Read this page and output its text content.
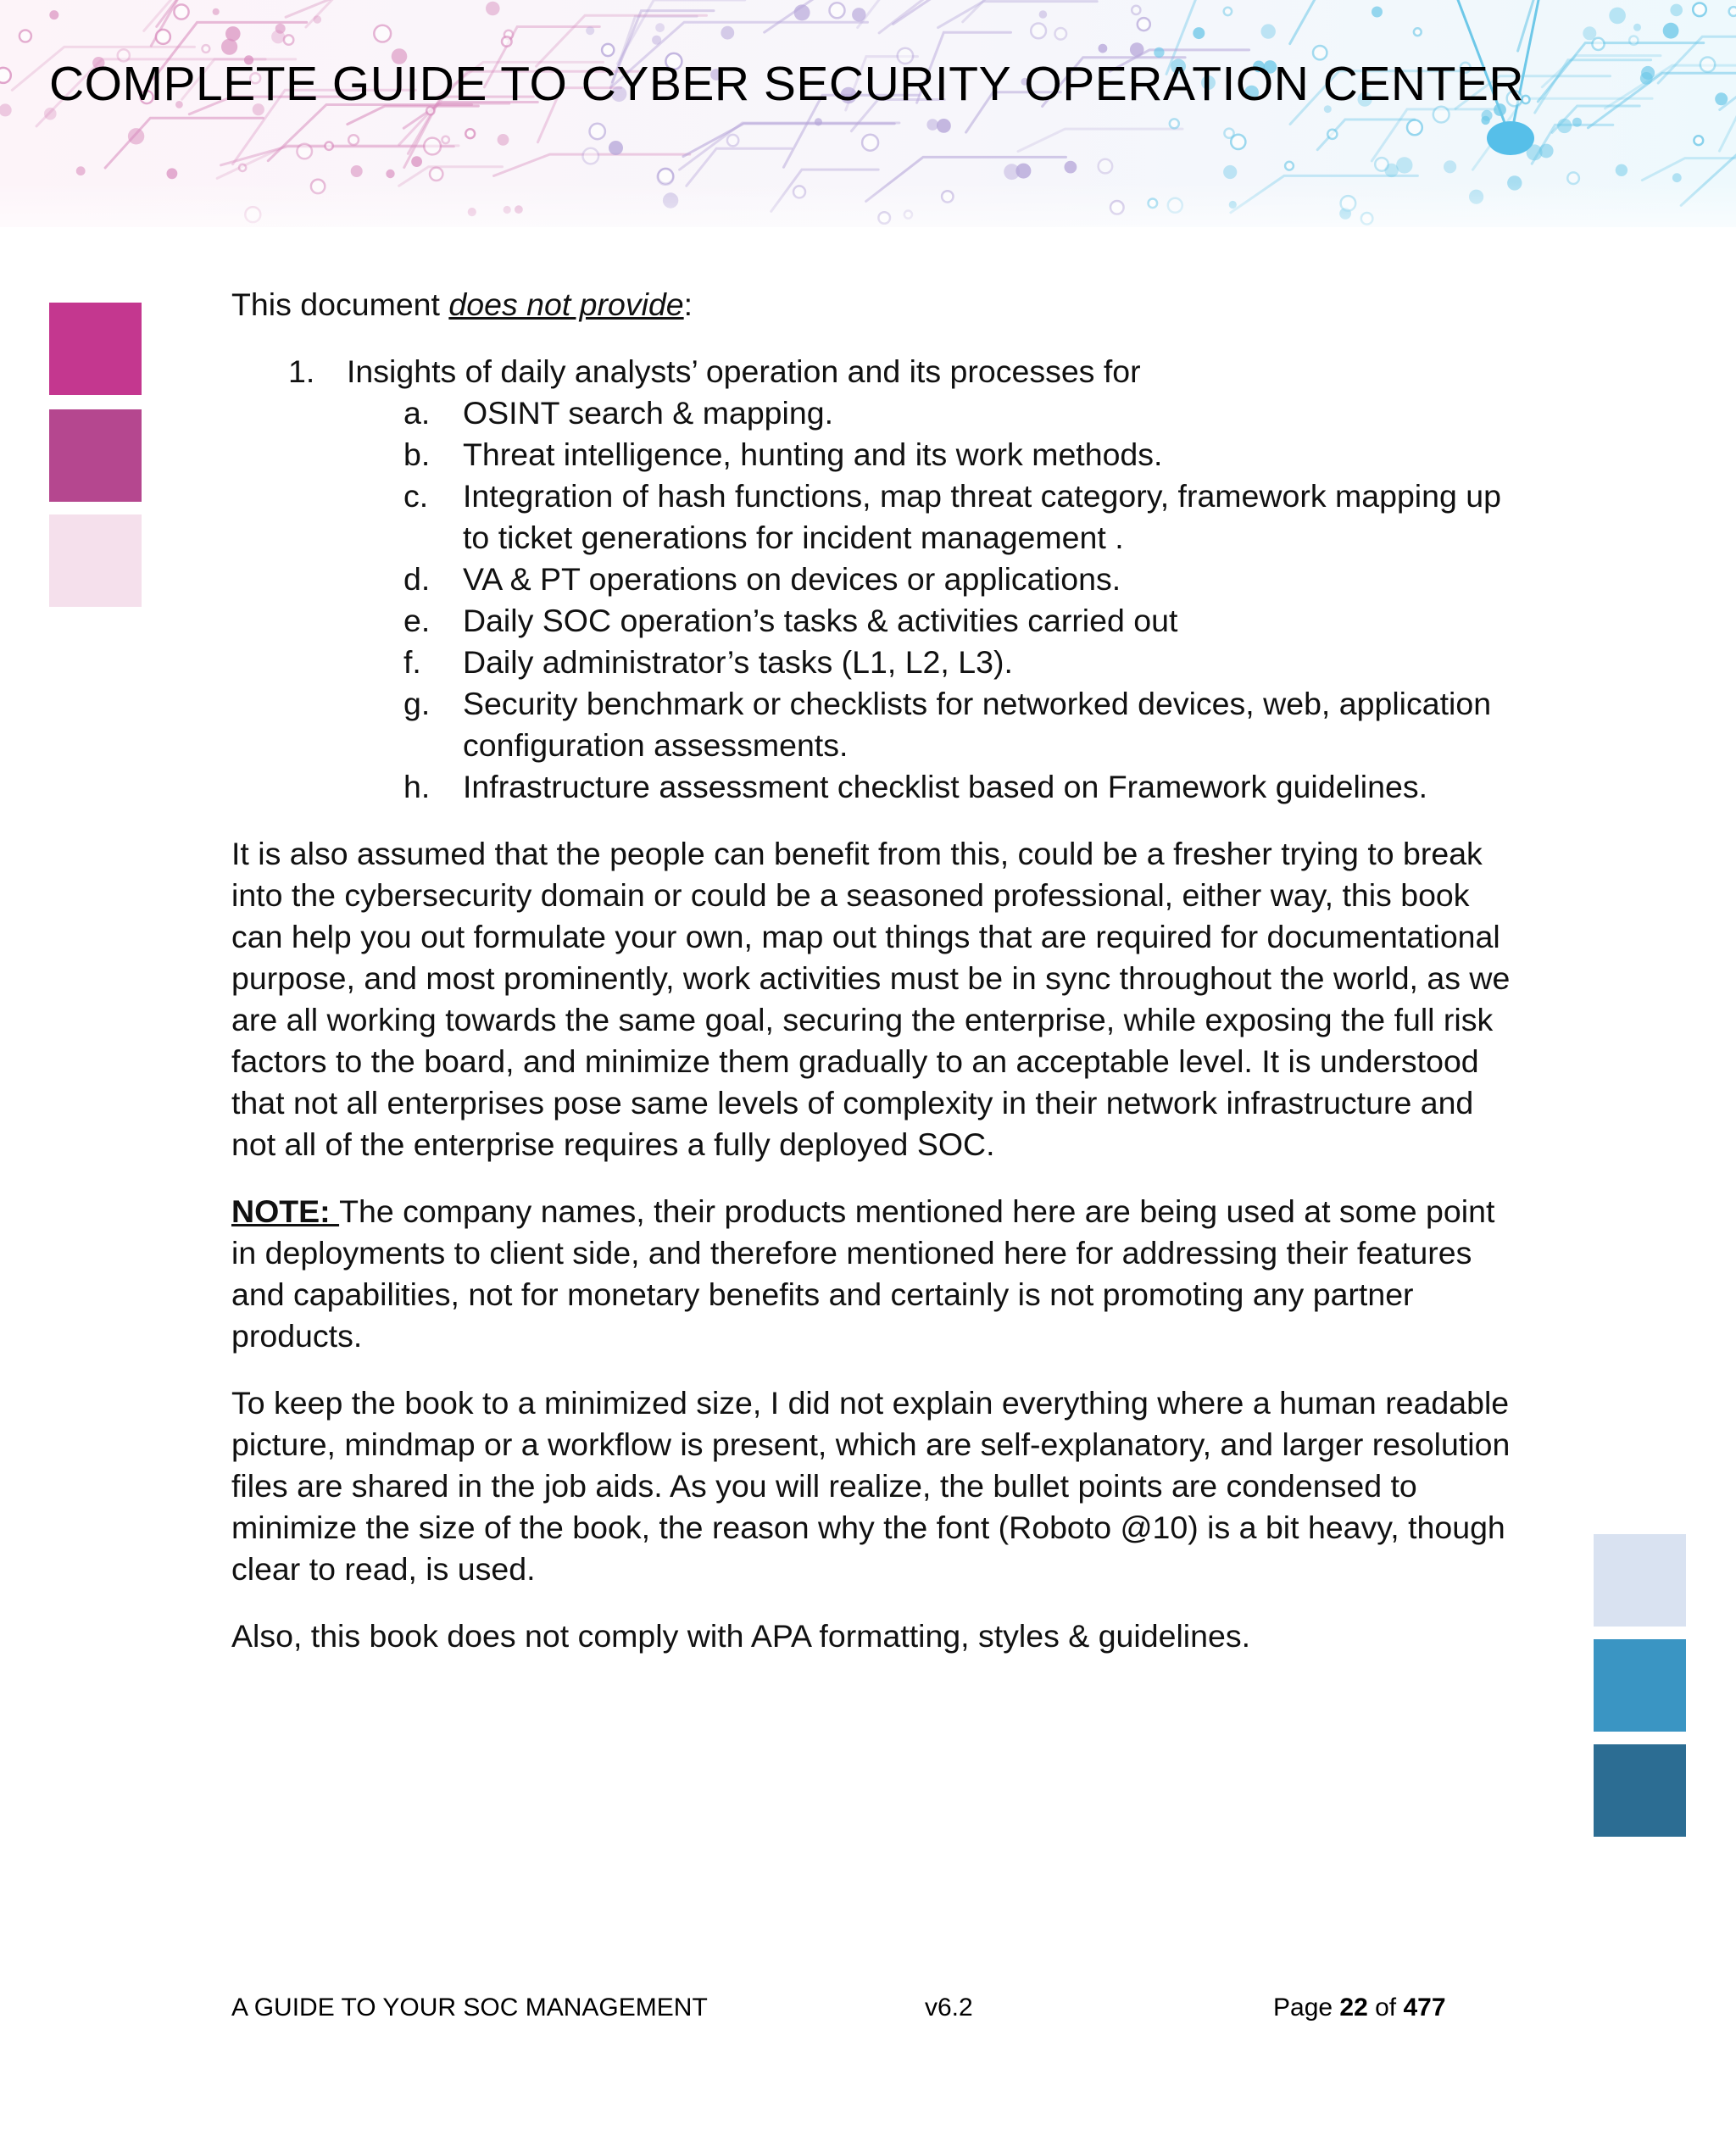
COMPLETE GUIDE TO CYBER SECURITY OPERATION CENTER

This document does not provide:

1. Insights of daily analysts’ operation and its processes for
a. OSINT search & mapping.
b. Threat intelligence, hunting and its work methods.
c. Integration of hash functions, map threat category, framework mapping up to ticket generations for incident management .
d. VA & PT operations on devices or applications.
e. Daily SOC operation’s tasks & activities carried out
f. Daily administrator’s tasks (L1, L2, L3).
g. Security benchmark or checklists for networked devices, web, application configuration assessments.
h. Infrastructure assessment checklist based on Framework guidelines.

It is also assumed that the people can benefit from this, could be a fresher trying to break into the cybersecurity domain or could be a seasoned professional, either way, this book can help you out formulate your own, map out things that are required for documentational purpose, and most prominently, work activities must be in sync throughout the world, as we are all working towards the same goal, securing the enterprise, while exposing the full risk factors to the board, and minimize them gradually to an acceptable level. It is understood that not all enterprises pose same levels of complexity in their network infrastructure and not all of the enterprise requires a fully deployed SOC.

NOTE: The company names, their products mentioned here are being used at some point in deployments to client side, and therefore mentioned here for addressing their features and capabilities, not for monetary benefits and certainly is not promoting any partner products.

To keep the book to a minimized size, I did not explain everything where a human readable picture, mindmap or a workflow is present, which are self-explanatory, and larger resolution files are shared in the job aids. As you will realize, the bullet points are condensed to minimize the size of the book, the reason why the font (Roboto @10) is a bit heavy, though clear to read, is used.

Also, this book does not comply with APA formatting, styles & guidelines.

A GUIDE TO YOUR SOC MANAGEMENT	v6.2	Page 22 of 477
